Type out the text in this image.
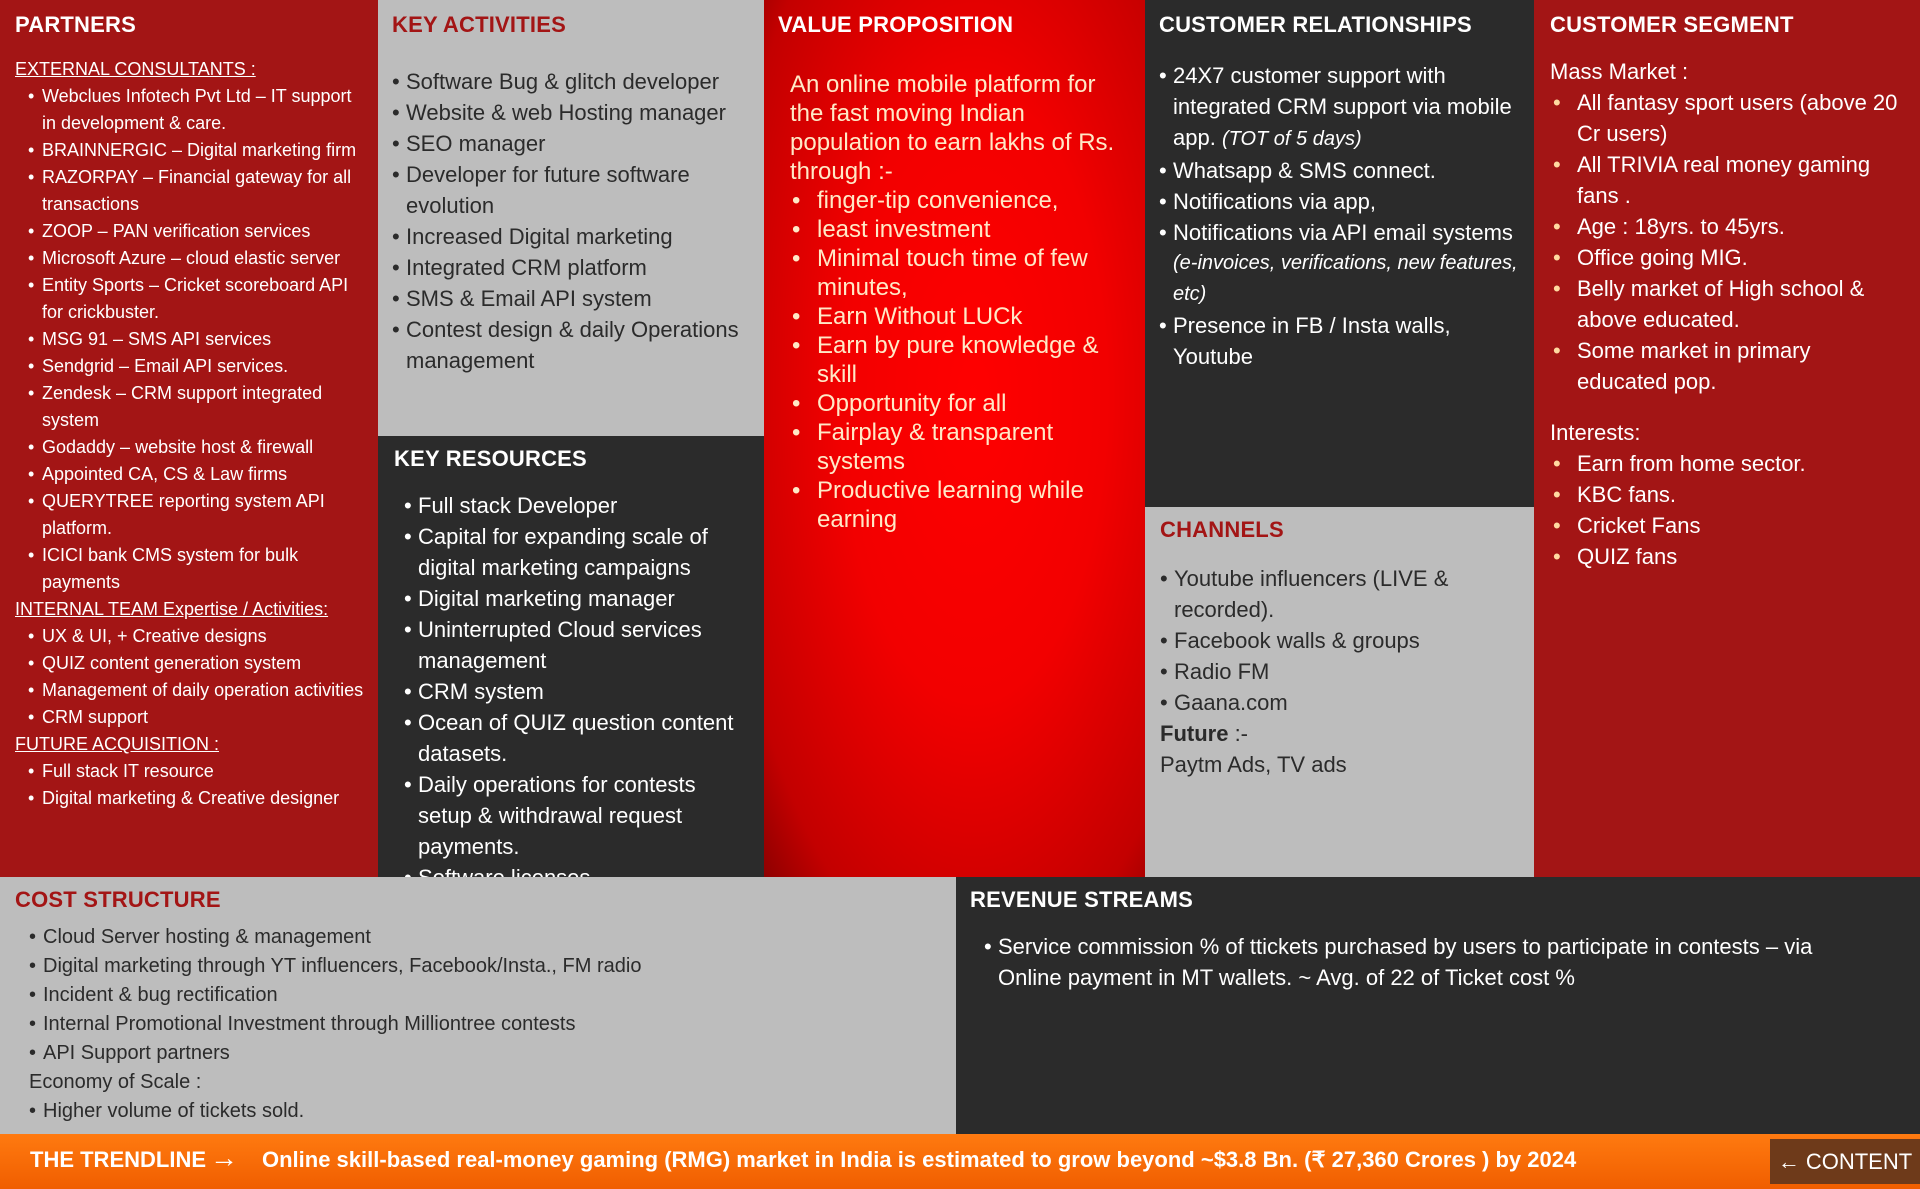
PARTNERS
EXTERNAL CONSULTANTS :
• Webclues Infotech Pvt Ltd – IT support in development & care.
• BRAINNERGIC – Digital marketing firm
• RAZORPAY – Financial gateway for all transactions
• ZOOP – PAN verification services
• Microsoft Azure – cloud elastic server
• Entity Sports – Cricket scoreboard API for crickbuster.
• MSG 91 – SMS API services
• Sendgrid – Email API services.
• Zendesk – CRM support integrated system
• Godaddy – website host & firewall
• Appointed CA, CS & Law firms
• QUERYTREE reporting system API platform.
• ICICI bank CMS system for bulk payments
INTERNAL TEAM Expertise / Activities:
• UX & UI, + Creative designs
• QUIZ content generation system
• Management of daily operation activities
• CRM support
FUTURE ACQUISITION :
• Full stack IT resource
• Digital marketing & Creative designer
KEY ACTIVITIES
• Software Bug & glitch developer
• Website & web Hosting manager
• SEO manager
• Developer for future software evolution
• Increased Digital marketing
• Integrated CRM platform
• SMS & Email API system
• Contest design & daily Operations management
KEY RESOURCES
• Full stack Developer
• Capital for expanding scale of digital marketing campaigns
• Digital marketing manager
• Uninterrupted Cloud services management
• CRM system
• Ocean of QUIZ question content datasets.
• Daily operations for contests setup & withdrawal request payments.
•
VALUE PROPOSITION
An online mobile platform for the fast moving Indian population to earn lakhs of Rs. through :-
• finger-tip convenience,
• least investment
• Minimal touch time of few minutes,
• Earn Without LUCk
• Earn by pure knowledge & skill
• Opportunity for all
• Fairplay & transparent systems
• Productive learning while earning
CUSTOMER RELATIONSHIPS
• 24X7 customer support with integrated CRM support via mobile app. (TOT of 5 days)
• Whatsapp & SMS connect.
• Notifications via app,
• Notifications via API email systems
(e-invoices, verifications, new features, etc)
• Presence in FB / Insta walls, Youtube
CHANNELS
• Youtube influencers (LIVE & recorded).
• Facebook walls & groups
• Radio FM
• Gaana.com
Future :-
Paytm Ads, TV ads
CUSTOMER SEGMENT
Mass Market :
• All fantasy sport users (above 20 Cr users)
• All TRIVIA real money gaming fans .
• Age : 18yrs. to 45yrs.
• Office going MIG.
• Belly market of High school & above educated.
• Some market in primary educated pop.
Interests:
• Earn from home sector.
• KBC fans.
• Cricket Fans
• QUIZ fans
COST STRUCTURE
• Cloud Server hosting & management
• Digital marketing through YT influencers, Facebook/Insta., FM radio
• Incident & bug rectification
• Internal Promotional Investment through Milliontree contests
• API Support partners
Economy of Scale :
• Higher volume of tickets sold.
REVENUE STREAMS
• Service commission % of ttickets purchased by users to participate in contests – via Online payment in MT wallets. ~ Avg. of 22 of Ticket cost %
THE TRENDLINE → Online skill-based real-money gaming (RMG) market in India is estimated to grow beyond ~$3.8 Bn. (₹ 27,360 Crores ) by 2024	← CONTENT
